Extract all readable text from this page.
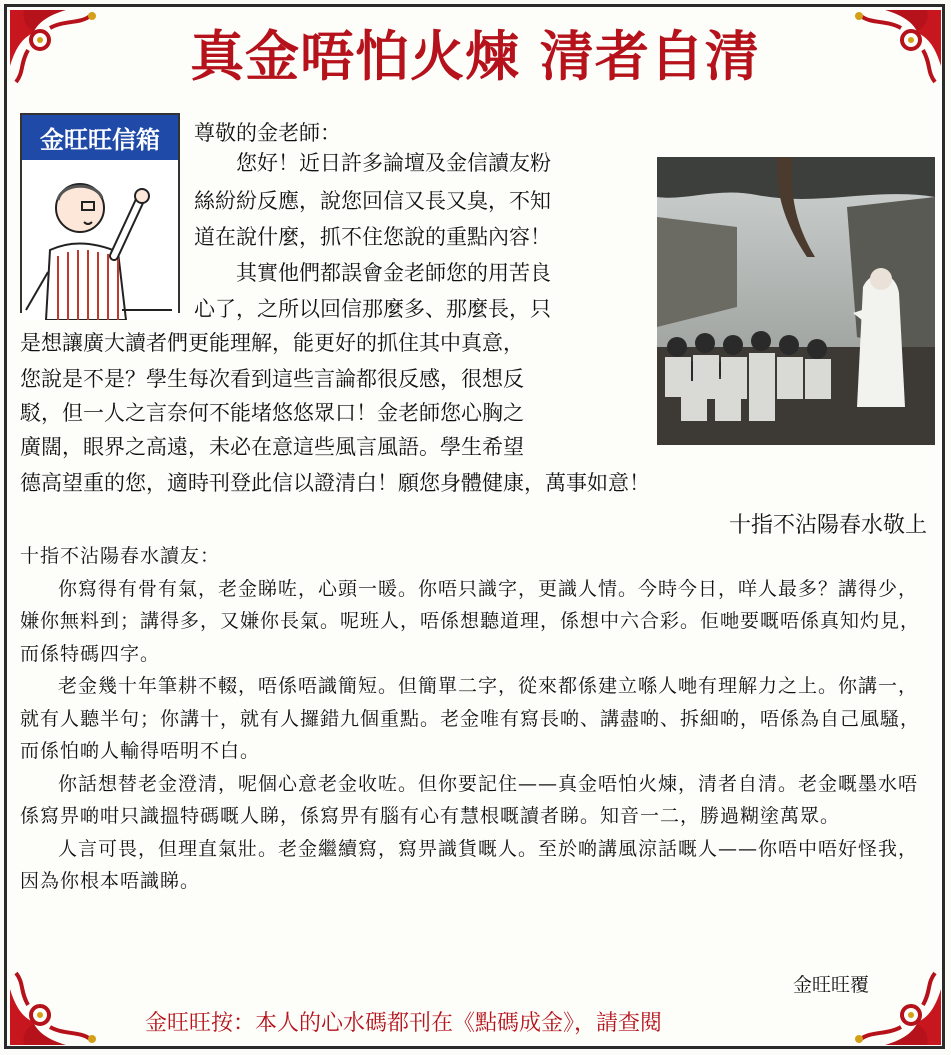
真金唔怕火煉 清者自清
金旺旺信箱	尊敬的金老師：
　　您好！近日許多論壇及金信讀友粉
絲紛紛反應，說您回信又長又臭，不知
道在說什麼，抓不住您說的重點內容！
　　其實他們都誤會金老師您的用苦良
心了，之所以回信那麼多、那麼長，只
是想讓廣大讀者們更能理解，能更好的抓住其中真意，
您說是不是？學生每次看到這些言論都很反感，很想反
駁，但一人之言奈何不能堵悠悠眾口！金老師您心胸之
廣闊，眼界之高遠，未必在意這些風言風語。學生希望
德高望重的您，適時刊登此信以證清白！願您身體健康，萬事如意！
十指不沾陽春水敬上

十指不沾陽春水讀友：

你寫得有骨有氣，老金睇咗，心頭一暖。你唔只識字，更識人情。今時今日，咩人最多？講得少，嫌你無料到；講得多，又嫌你長氣。呢班人，唔係想聽道理，係想中六合彩。佢哋要嘅唔係真知灼見，而係特碼四字。

老金幾十年筆耕不輟，唔係唔識簡短。但簡單二字，從來都係建立喺人哋有理解力之上。你講一，就有人聽半句；你講十，就有人攞錯九個重點。老金唯有寫長啲、講盡啲、拆細啲，唔係為自己風騷，而係怕啲人輸得唔明不白。

你話想替老金澄清，呢個心意老金收咗。但你要記住——真金唔怕火煉，清者自清。老金嘅墨水唔係寫畀啲咁只識搵特碼嘅人睇，係寫畀有腦有心有慧根嘅讀者睇。知音一二，勝過糊塗萬眾。

人言可畏，但理直氣壯。老金繼續寫，寫畀識貨嘅人。至於啲講風涼話嘅人——你唔中唔好怪我，因為你根本唔識睇。

金旺旺覆
金旺旺按：本人的心水碼都刊在《點碼成金》，請查閱
